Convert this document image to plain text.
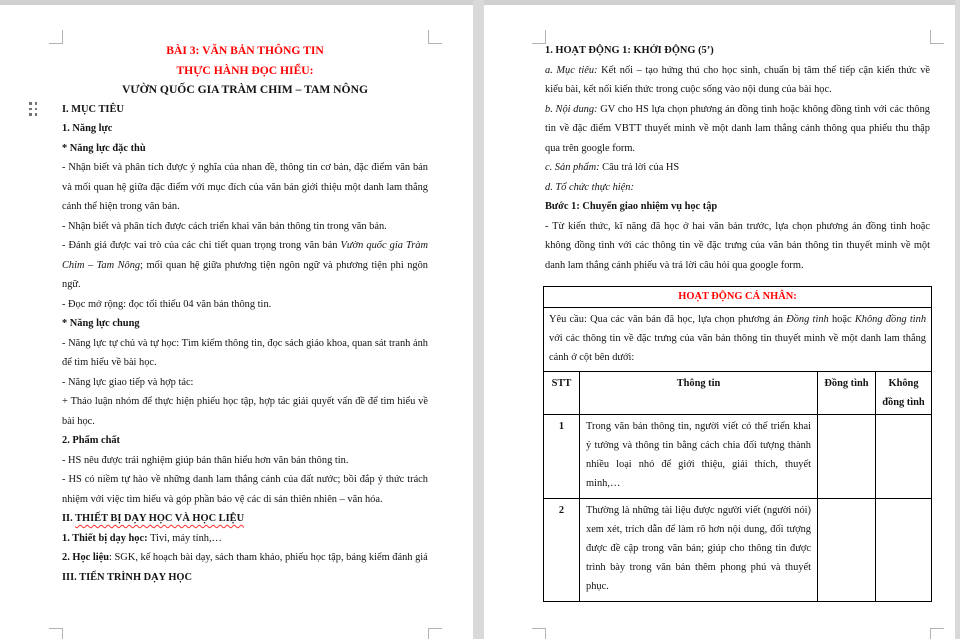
BÀI 3: VĂN BẢN THÔNG TIN
THỰC HÀNH ĐỌC HIỂU:
VƯỜN QUỐC GIA TRÀM CHIM – TAM NÔNG
I. MỤC TIÊU
1. Năng lực
* Năng lực đặc thù
- Nhận biết và phân tích được ý nghĩa của nhan đề, thông tin cơ bản, đặc điểm văn bản và mối quan hệ giữa đặc điểm với mục đích của văn bản giới thiệu một danh lam thắng cảnh thể hiện trong văn bản.
- Nhận biết và phân tích được cách triển khai văn bản thông tin trong văn bản.
- Đánh giá được vai trò của các chi tiết quan trọng trong văn bản Vườn quốc gia Tràm Chim – Tam Nông; mối quan hệ giữa phương tiện ngôn ngữ và phương tiện phi ngôn ngữ.
- Đọc mở rộng: đọc tối thiểu 04 văn bản thông tin.
* Năng lực chung
- Năng lực tự chủ và tự học: Tìm kiếm thông tin, đọc sách giáo khoa, quan sát tranh ảnh để tìm hiểu về bài học.
- Năng lực giao tiếp và hợp tác:
+ Thảo luận nhóm để thực hiện phiếu học tập, hợp tác giải quyết vấn đề để tìm hiểu về bài học.
2. Phẩm chất
- HS nêu được trải nghiệm giúp bản thân hiểu hơn văn bản thông tin.
- HS có niềm tự hào về những danh lam thắng cảnh của đất nước; bồi đắp ý thức trách nhiệm với việc tìm hiểu và góp phần bảo vệ các di sản thiên nhiên – văn hóa.
II. THIẾT BỊ DẠY HỌC VÀ HỌC LIỆU
1. Thiết bị dạy học: Tivi, máy tính,…
2. Học liệu: SGK, kế hoạch bài dạy, sách tham khảo, phiếu học tập, bảng kiểm đánh giá
III. TIẾN TRÌNH DẠY HỌC
1. HOẠT ĐỘNG 1: KHỞI ĐỘNG (5’)
a. Mục tiêu: Kết nối – tạo hứng thú cho học sinh, chuẩn bị tâm thế tiếp cận kiến thức về kiểu bài, kết nối kiến thức trong cuộc sống vào nội dung của bài học.
b. Nội dung: GV cho HS lựa chọn phương án đồng tình hoặc không đồng tình với các thông tin về đặc điểm VBTT thuyết minh về một danh lam thắng cảnh thông qua phiếu thu thập qua trên google form.
c. Sản phẩm: Câu trả lời của HS
d. Tổ chức thực hiện:
Bước 1: Chuyển giao nhiệm vụ học tập
- Từ kiến thức, kĩ năng đã học ở hai văn bản trước, lựa chọn phương án đồng tình hoặc không đồng tình với các thông tin về đặc trưng của văn bản thông tin thuyết minh về một danh lam thắng cảnh phiếu và trả lời câu hỏi qua google form.
HOẠT ĐỘNG CÁ NHÂN:
Yêu cầu: Qua các văn bản đã học, lựa chọn phương án Đồng tình hoặc Không đồng tình với các thông tin về đặc trưng của văn bản thông tin thuyết minh về một danh lam thắng cảnh ở cột bên dưới:
STT	Thông tin	Đồng tình	Không đồng tình
1	Trong văn bản thông tin, người viết có thể triển khai ý tưởng và thông tin bằng cách chia đối tượng thành nhiều loại nhỏ để giới thiệu, giải thích, thuyết minh,…
2	Thường là những tài liệu được người viết (người nói) xem xét, trích dẫn để làm rõ hơn nội dung, đối tượng được đề cập trong văn bản; giúp cho thông tin được trình bày trong văn bản thêm phong phú và thuyết phục.
